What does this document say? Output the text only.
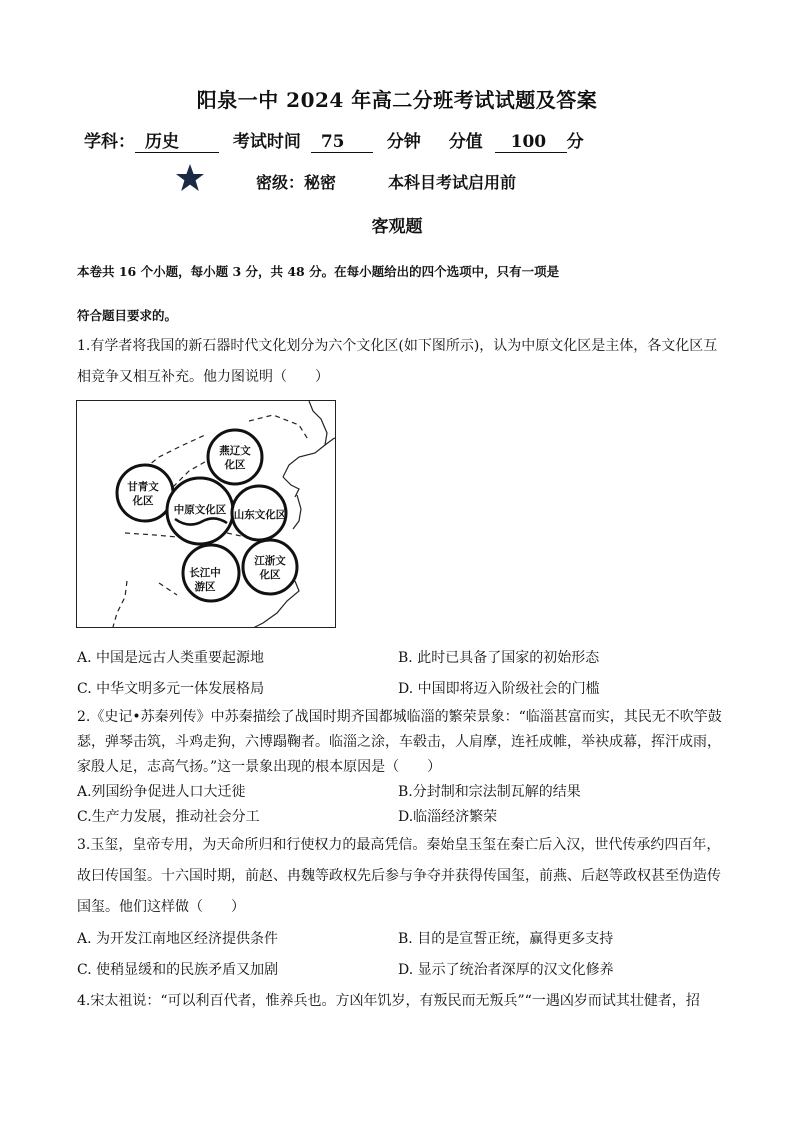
阳泉一中 2024 年高二分班考试试题及答案
学科： 历史	考试时间 75 分钟 分值 100 分
密级：秘密	本科目考试启用前
客观题
本卷共 16 个小题，每小题 3 分，共 48 分。在每小题给出的四个选项中，只有一项是
符合题目要求的。
1.有学者将我国的新石器时代文化划分为六个文化区(如下图所示)，认为中原文化区是主体，各文化区互
相竞争又相互补充。他力图说明（　　）
燕辽文
化区
甘青文
化区
中原文化区 山东文化区
长江中
游区
江浙文
化区
A. 中国是远古人类重要起源地	B. 此时已具备了国家的初始形态
C. 中华文明多元一体发展格局	D. 中国即将迈入阶级社会的门槛
2.《史记•苏秦列传》中苏秦描绘了战国时期齐国都城临淄的繁荣景象：“临淄甚富而实，其民无不吹竽鼓
瑟，弹琴击筑，斗鸡走狗，六博蹋鞠者。临淄之涂，车毂击，人肩摩，连衽成帷，举袂成幕，挥汗成雨，
家殷人足，志高气扬。”这一景象出现的根本原因是（　　）
A.列国纷争促进人口大迁徙	B.分封制和宗法制瓦解的结果
C.生产力发展，推动社会分工	D.临淄经济繁荣
3.玉玺，皇帝专用，为天命所归和行使权力的最高凭信。秦始皇玉玺在秦亡后入汉，世代传承约四百年，
故曰传国玺。十六国时期，前赵、冉魏等政权先后参与争夺并获得传国玺，前燕、后赵等政权甚至伪造传
国玺。他们这样做（　　）
A. 为开发江南地区经济提供条件	B. 目的是宣誓正统，赢得更多支持
C. 使稍显缓和的民族矛盾又加剧	D. 显示了统治者深厚的汉文化修养
4.宋太祖说：“可以利百代者，惟养兵也。方凶年饥岁，有叛民而无叛兵”“一遇凶岁而试其壮健者，招
